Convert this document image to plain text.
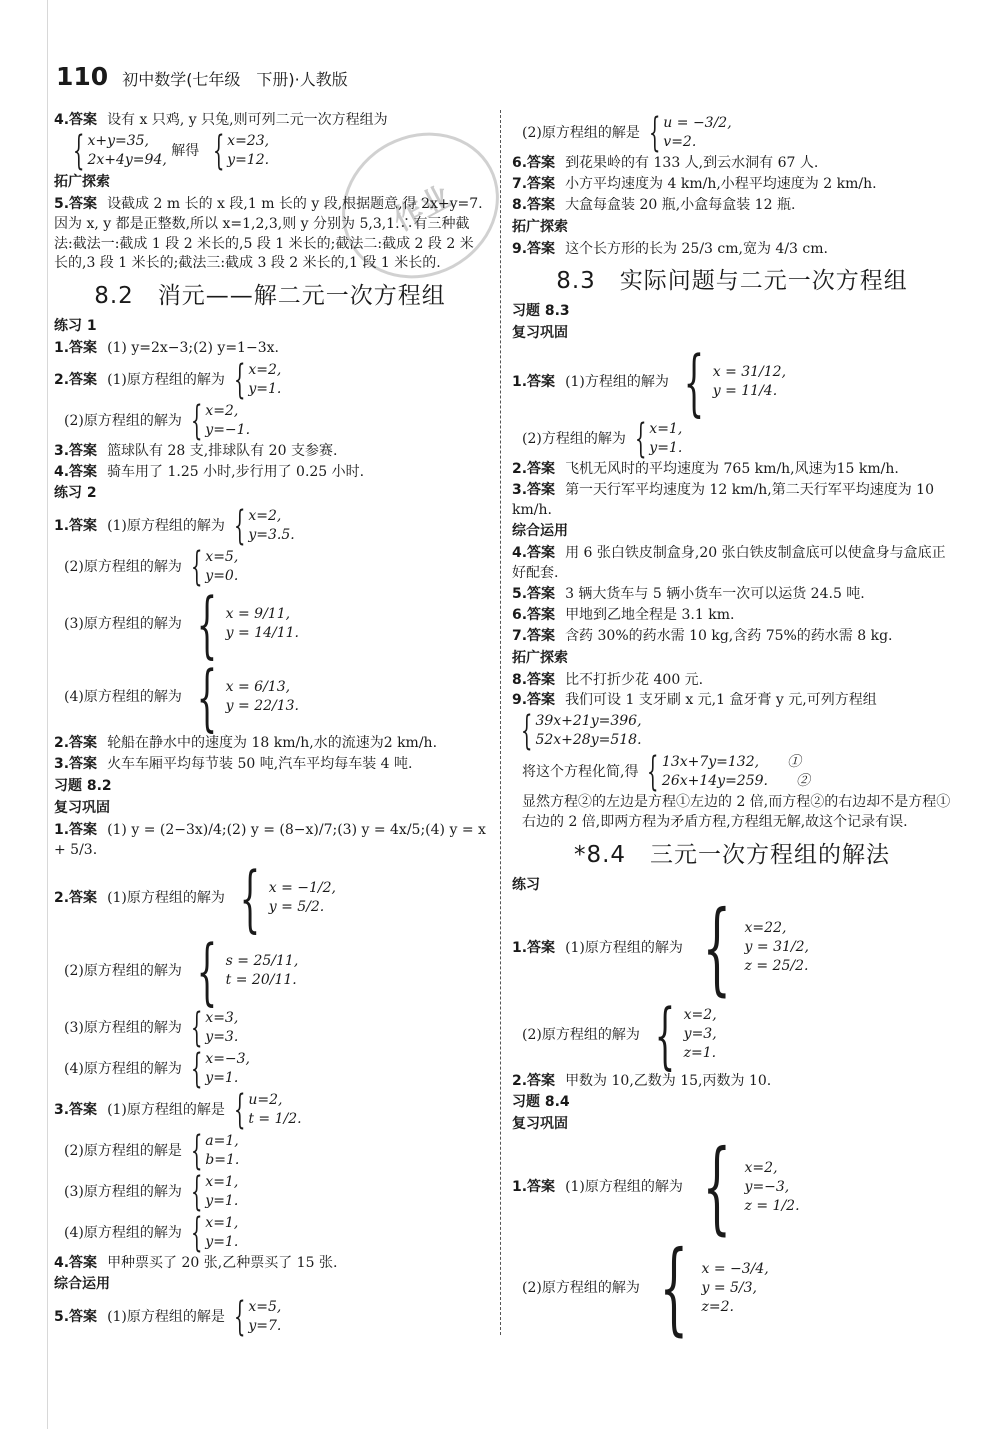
110 初中数学(七年级　下册)·人教版
作业
4.答案 设有 x 只鸡, y 只兔,则可列二元一次方程组为
{ x+y=35,
2x+4y=94,
解得 { x=23,
y=12.
拓广探索
5.答案 设截成 2 m 长的 x 段,1 m 长的 y 段,根据题意,得 2x+y=7.因为 x, y 都是正整数,所以 x=1,2,3,则 y 分别为 5,3,1.∴有三种截法:截法一:截成 1 段 2 米长的,5 段 1 米长的;截法二:截成 2 段 2 米长的,3 段 1 米长的;截法三:截成 3 段 2 米长的,1 段 1 米长的.
8.2　消元——解二元一次方程组
练习 1
1.答案 (1) y=2x−3;(2) y=1−3x.
2.答案 (1)原方程组的解为 { x=2,
y=1.
(2)原方程组的解为 { x=2,
y=−1.
3.答案 篮球队有 28 支,排球队有 20 支参赛.
4.答案 骑车用了 1.25 小时,步行用了 0.25 小时.
练习 2
1.答案 (1)原方程组的解为 { x=2,
y=3.5.
(2)原方程组的解为 { x=5,
y=0.
(3)原方程组的解为 { x = 9/11,
y = 14/11.
(4)原方程组的解为 { x = 6/13,
y = 22/13.
2.答案 轮船在静水中的速度为 18 km/h,水的流速为2 km/h.
3.答案 火车车厢平均每节装 50 吨,汽车平均每车装 4 吨.
习题 8.2
复习巩固
1.答案 (1) y = (2−3x)/4;(2) y = (8−x)/7;(3) y = 4x/5;(4) y = x + 5/3.
2.答案 (1)原方程组的解为 { x = −1/2,
y = 5/2.
(2)原方程组的解为 { s = 25/11,
t = 20/11.
(3)原方程组的解为 { x=3,
y=3.
(4)原方程组的解为 { x=−3,
y=1.
3.答案 (1)原方程组的解是 { u=2,
t = 1/2.
(2)原方程组的解是 { a=1,
b=1.
(3)原方程组的解为 { x=1,
y=1.
(4)原方程组的解为 { x=1,
y=1.
4.答案 甲种票买了 20 张,乙种票买了 15 张.
综合运用
5.答案 (1)原方程组的解是 { x=5,
y=7.
(2)原方程组的解是 { u = −3/2,
v=2.
6.答案 到花果岭的有 133 人,到云水洞有 67 人.
7.答案 小方平均速度为 4 km/h,小程平均速度为 2 km/h.
8.答案 大盒每盒装 20 瓶,小盒每盒装 12 瓶.
拓广探索
9.答案 这个长方形的长为 25/3 cm,宽为 4/3 cm.
8.3　实际问题与二元一次方程组
习题 8.3
复习巩固
1.答案 (1)方程组的解为 { x = 31/12,
y = 11/4.
(2)方程组的解为 { x=1,
y=1.
2.答案 飞机无风时的平均速度为 765 km/h,风速为15 km/h.
3.答案 第一天行军平均速度为 12 km/h,第二天行军平均速度为 10 km/h.
综合运用
4.答案 用 6 张白铁皮制盒身,20 张白铁皮制盒底可以使盒身与盒底正好配套.
5.答案 3 辆大货车与 5 辆小货车一次可以运货 24.5 吨.
6.答案 甲地到乙地全程是 3.1 km.
7.答案 含药 30%的药水需 10 kg,含药 75%的药水需 8 kg.
拓广探索
8.答案 比不打折少花 400 元.
9.答案 我们可设 1 支牙刷 x 元,1 盒牙膏 y 元,可列方程组
{ 39x+21y=396,
52x+28y=518.
将这个方程化简,得 { 13x+7y=132,　　①
26x+14y=259.　　②
显然方程②的左边是方程①左边的 2 倍,而方程②的右边却不是方程①右边的 2 倍,即两方程为矛盾方程,方程组无解,故这个记录有误.
*8.4　三元一次方程组的解法
练习
1.答案 (1)原方程组的解为 { x=22,
y = 31/2,
z = 25/2.
(2)原方程组的解为 { x=2,
y=3,
z=1.
2.答案 甲数为 10,乙数为 15,丙数为 10.
习题 8.4
复习巩固
1.答案 (1)原方程组的解为 { x=2,
y=−3,
z = 1/2.
(2)原方程组的解为 { x = −3/4,
y = 5/3,
z=2.
